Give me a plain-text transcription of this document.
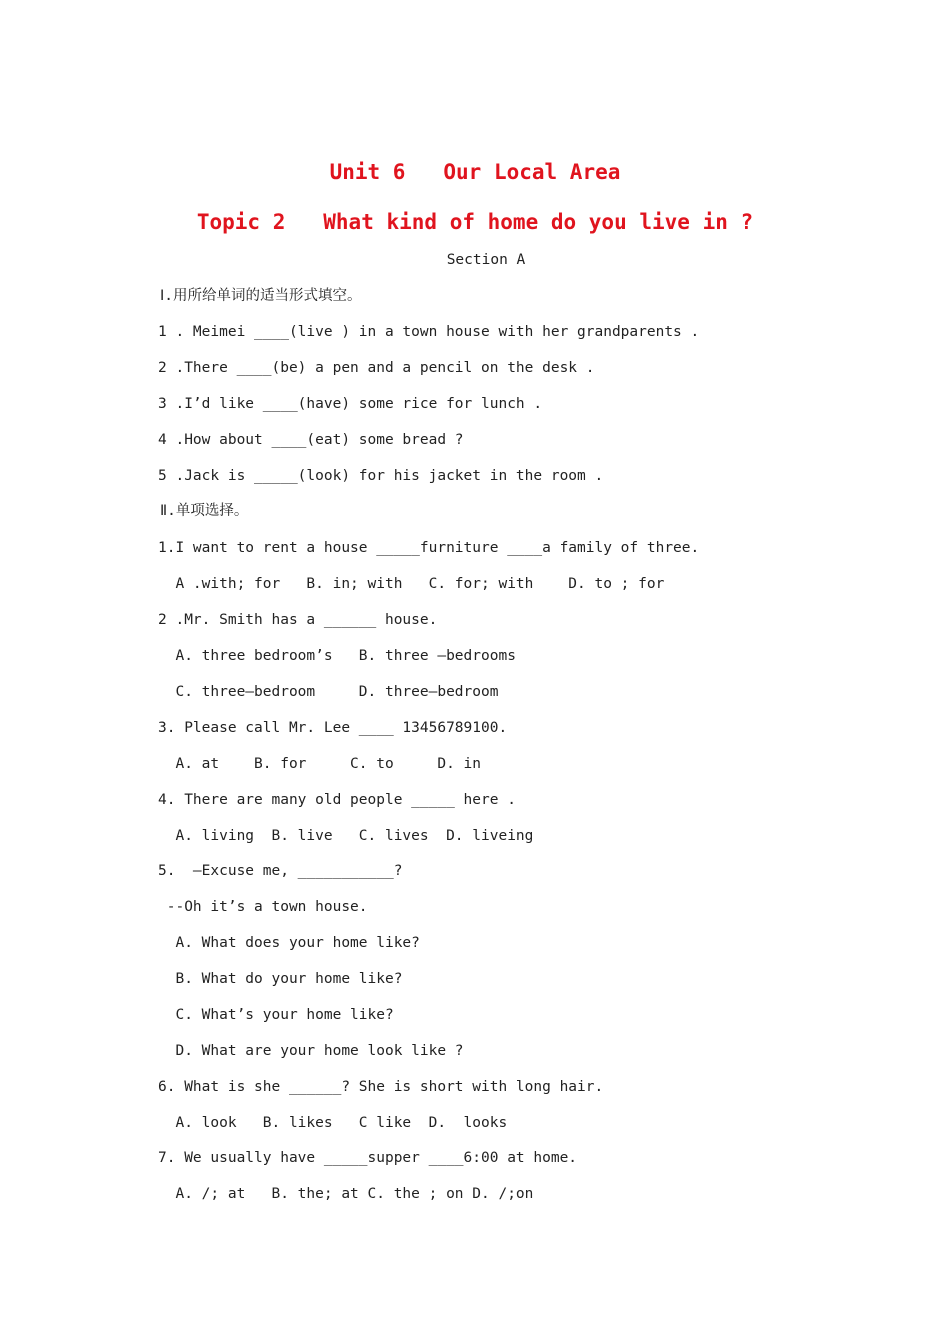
Unit 6   Our Local Area
Topic 2   What kind of home do you live in ?
Section A
Ⅰ.用所给单词的适当形式填空。
1 . Meimei ____(live ) in a town house with her grandparents .
2 .There ____(be) a pen and a pencil on the desk .
3 .I’d like ____(have) some rice for lunch .
4 .How about ____(eat) some bread ?
5 .Jack is _____(look) for his jacket in the room .
Ⅱ.单项选择。
1.I want to rent a house _____furniture ____a family of three.
A .with; for   B. in; with   C. for; with    D. to ; for
2 .Mr. Smith has a ______ house.
A. three bedroom’s   B. three –bedrooms
C. three—bedroom     D. three—bedroom
3. Please call Mr. Lee ____ 13456789100.
A. at    B. for     C. to     D. in
4. There are many old people _____ here .
A. living  B. live   C. lives  D. liveing
5.  –Excuse me, ___________?
--Oh it’s a town house.
A. What does your home like?
B. What do your home like?
C. What’s your home like?
D. What are your home look like ?
6. What is she ______? She is short with long hair.
A. look   B. likes   C like  D.  looks
7. We usually have _____supper ____6:00 at home.
A. /; at   B. the; at C. the ; on D. /;on
